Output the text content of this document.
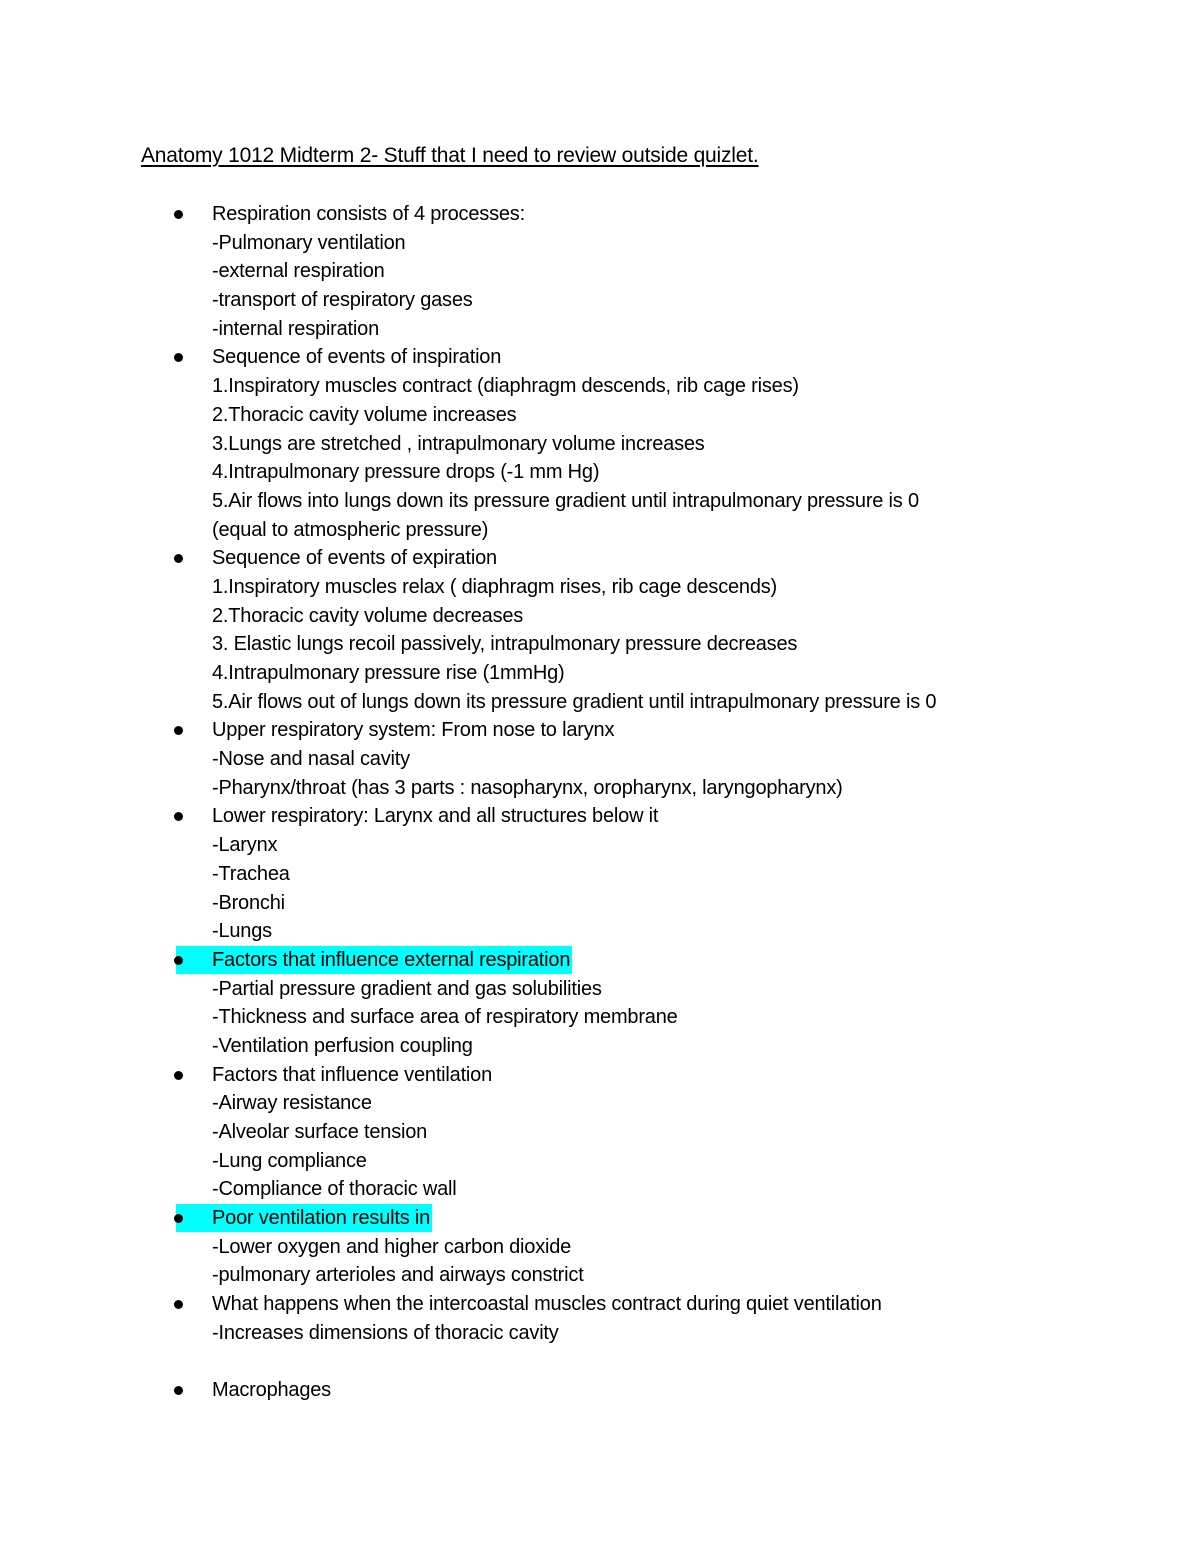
Anatomy 1012 Midterm 2- Stuff that I need to review outside quizlet.
Respiration consists of 4 processes:
-Pulmonary ventilation
-external respiration
-transport of respiratory gases
-internal respiration
Sequence of events of inspiration
1.Inspiratory muscles contract (diaphragm descends, rib cage rises)
2.Thoracic cavity volume increases
3.Lungs are stretched , intrapulmonary volume increases
4.Intrapulmonary pressure drops (-1 mm Hg)
5.Air flows into lungs down its pressure gradient until intrapulmonary pressure is 0
(equal to atmospheric pressure)
Sequence of events of expiration
1.Inspiratory muscles relax ( diaphragm rises, rib cage descends)
2.Thoracic cavity volume decreases
3. Elastic lungs recoil passively, intrapulmonary pressure decreases
4.Intrapulmonary pressure rise (1mmHg)
5.Air flows out of lungs down its pressure gradient until intrapulmonary pressure is 0
Upper respiratory system: From nose to larynx
-Nose and nasal cavity
-Pharynx/throat (has 3 parts : nasopharynx, oropharynx, laryngopharynx)
Lower respiratory: Larynx and all structures below it
-Larynx
-Trachea
-Bronchi
-Lungs
Factors that influence external respiration
-Partial pressure gradient and gas solubilities
-Thickness and surface area of respiratory membrane
-Ventilation perfusion coupling
Factors that influence ventilation
-Airway resistance
-Alveolar surface tension
-Lung compliance
-Compliance of thoracic wall
Poor ventilation results in
-Lower oxygen and higher carbon dioxide
-pulmonary arterioles and airways constrict
What happens when the intercoastal muscles contract during quiet ventilation
-Increases dimensions of thoracic cavity
Macrophages
